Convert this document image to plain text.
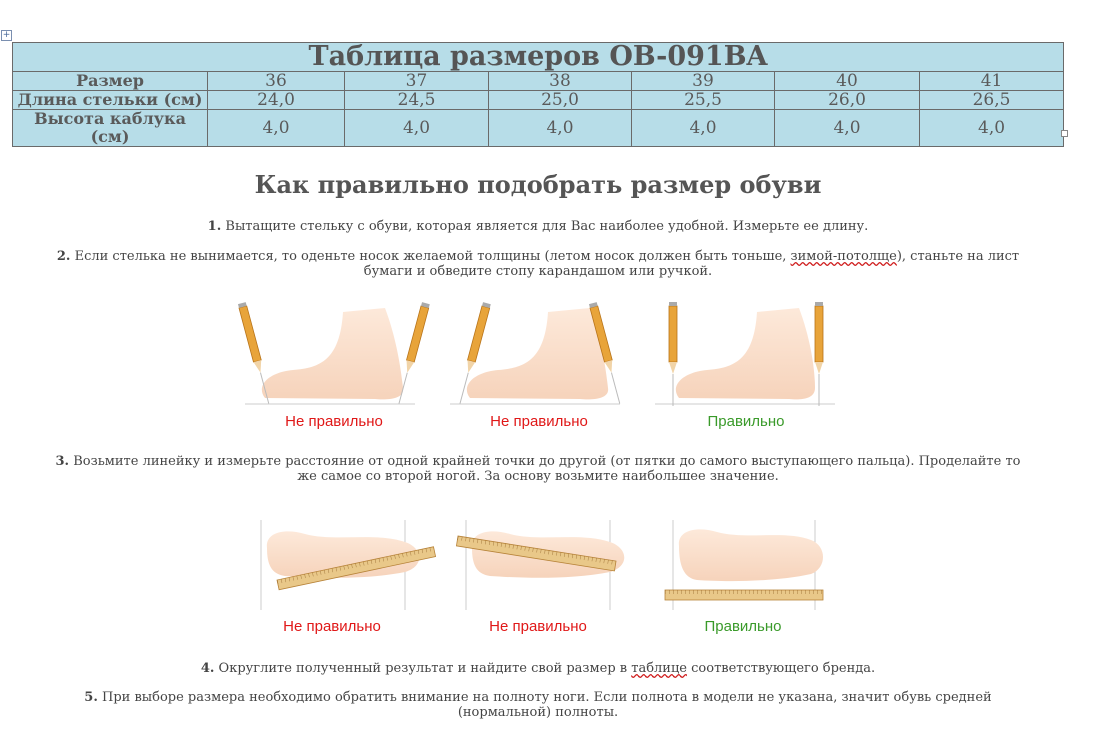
+
Таблица размеров OB-091BA						
Размер	36	37	38	39	40	41
Длина стельки (см)	24,0	24,5	25,0	25,5	26,0	26,5
Высота каблука (см)	4,0	4,0	4,0	4,0	4,0	4,0
Как правильно подобрать размер обуви
1. Вытащите стельку с обуви, которая является для Вас наиболее удобной. Измерьте ее длину.
2. Если стелька не вынимается, то оденьте носок желаемой толщины (летом носок должен быть тоньше, зимой-потолще), станьте на лист
бумаги и обведите стопу карандашом или ручкой.
Не правильно	Не правильно	Правильно
3. Возьмите линейку и измерьте расстояние от одной крайней точки до другой (от пятки до самого выступающего пальца). Проделайте то
же самое со второй ногой. За основу возьмите наибольшее значение.
Не правильно	Не правильно	Правильно
4. Округлите полученный результат и найдите свой размер в таблице соответствующего бренда.
5. При выборе размера необходимо обратить внимание на полноту ноги. Если полнота в модели не указана, значит обувь средней
(нормальной) полноты.
